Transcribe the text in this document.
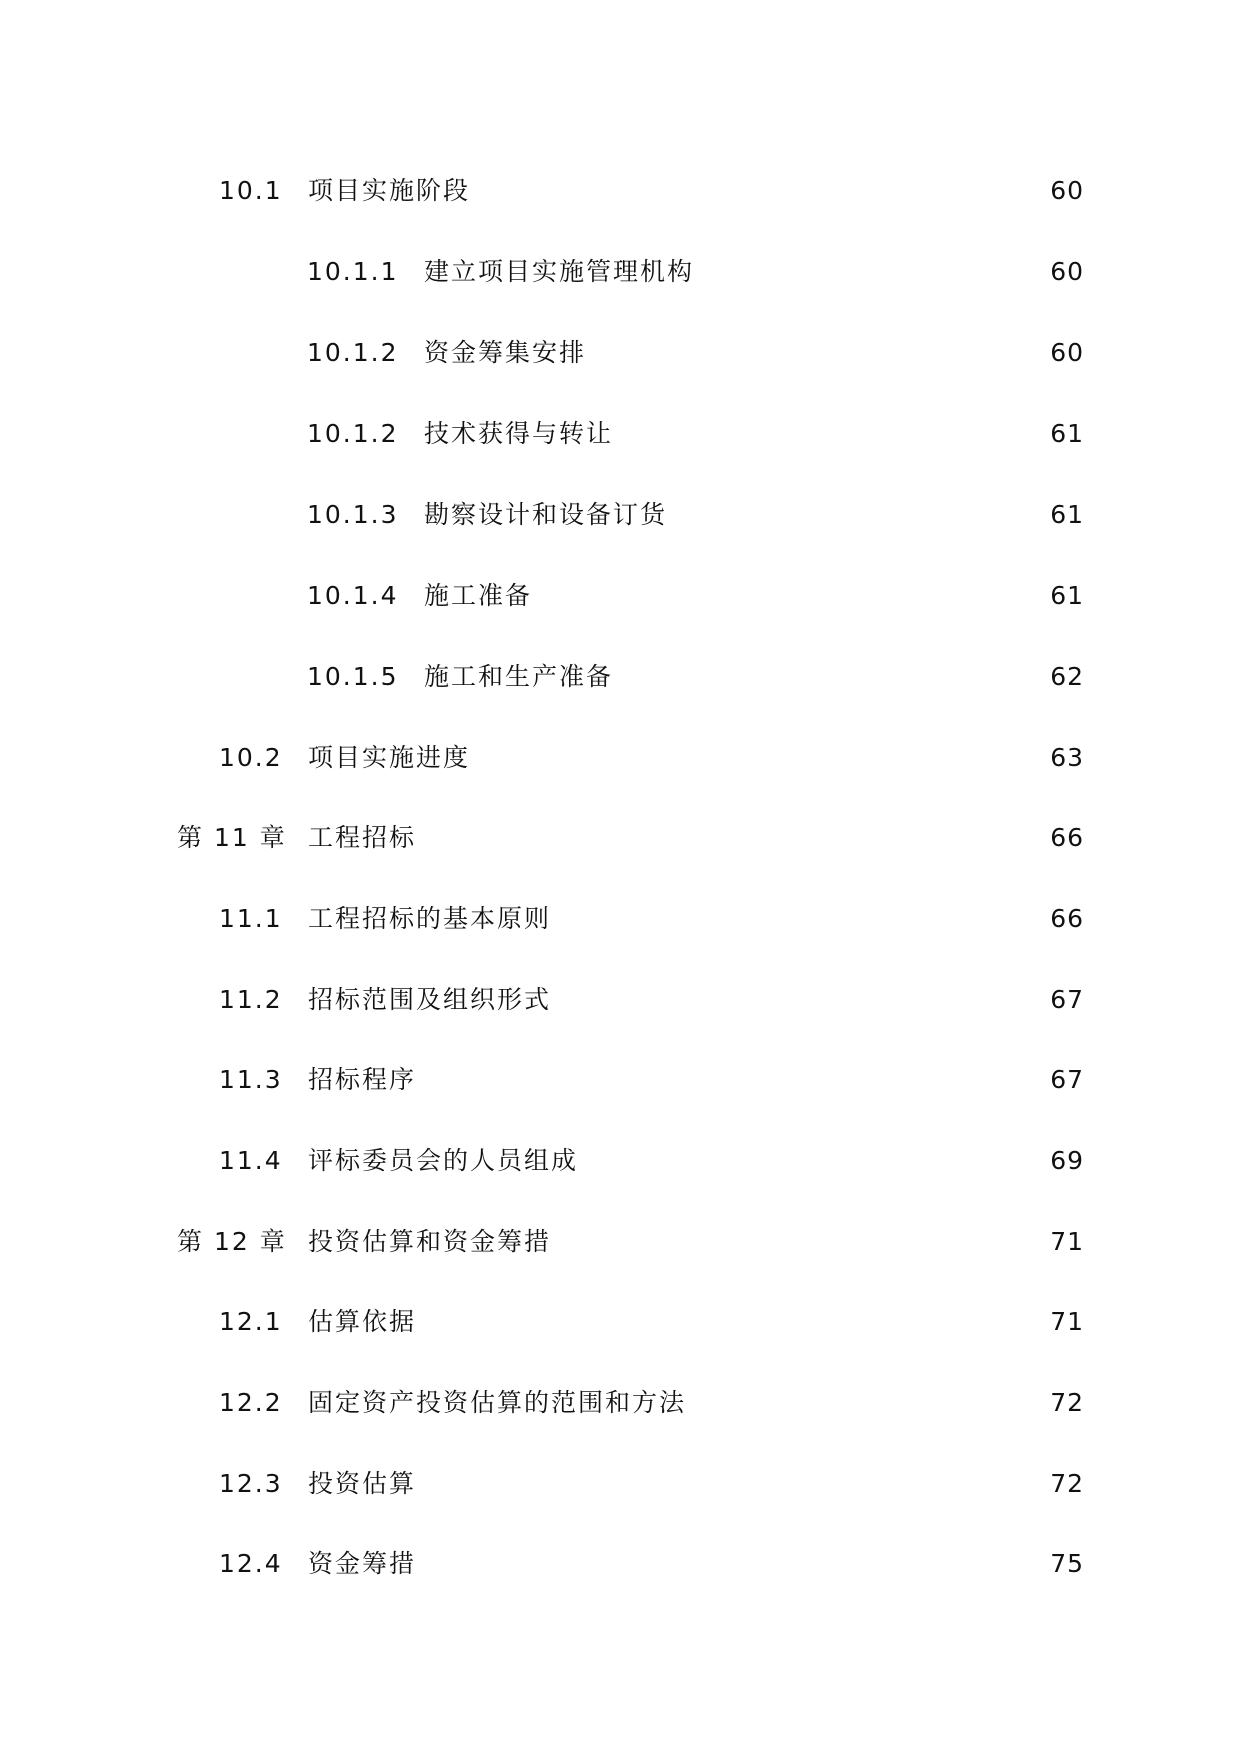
10.1	项目实施阶段	60
10.1.1	建立项目实施管理机构	60
10.1.2	资金筹集安排	60
10.1.2	技术获得与转让	61
10.1.3	勘察设计和设备订货	61
10.1.4	施工准备	61
10.1.5	施工和生产准备	62
10.2	项目实施进度	63
第 11 章 工程招标	66
11.1	工程招标的基本原则	66
11.2	招标范围及组织形式	67
11.3	招标程序	67
11.4	评标委员会的人员组成	69
第 12 章 投资估算和资金筹措	71
12.1	估算依据	71
12.2	固定资产投资估算的范围和方法	72
12.3	投资估算	72
12.4	资金筹措	75
